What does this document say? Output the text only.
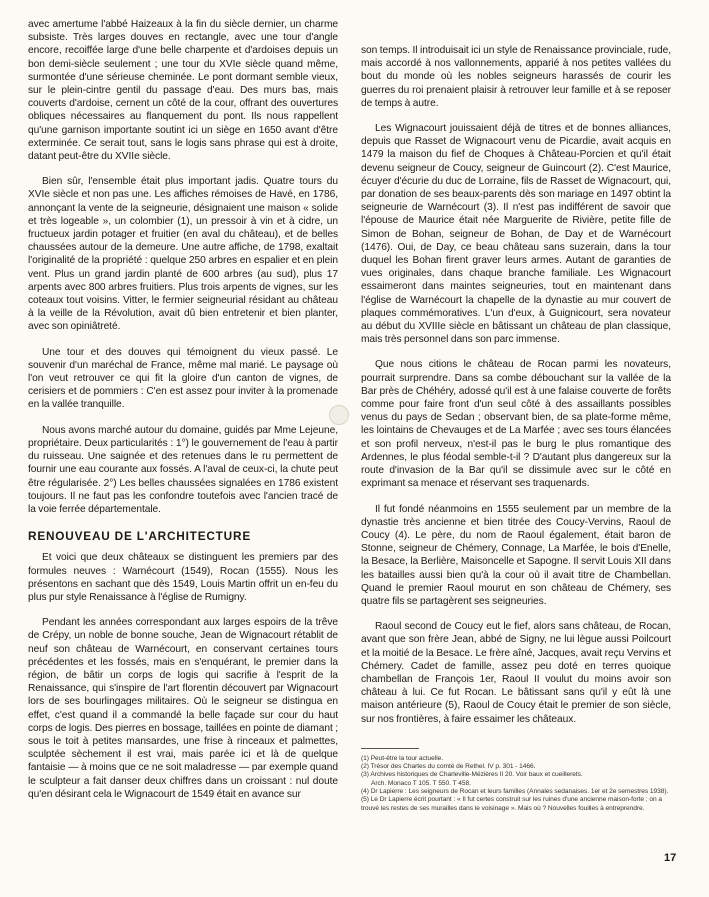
avec amertume l'abbé Haizeaux à la fin du siècle dernier, un charme subsiste. Très larges douves en rectangle, avec une tour d'angle encore, recoiffée large d'une belle charpente et d'ardoises depuis un bon demi-siècle seulement ; une tour du XVIe siècle quand même, surmontée d'une sérieuse cheminée. Le pont dormant semble vieux, sur le plein-cintre gentil du passage d'eau. Des murs bas, mais couverts d'ardoise, cernent un côté de la cour, offrant des ouvertures obliques nécessaires au flanquement du pont. Ils nous rappellent qu'une garnison importante soutint ici un siège en 1650 avant d'être exterminée. Ce serait tout, sans le logis sans phrase qui est à droite, datant peut-être du XVIIe siècle.

Bien sûr, l'ensemble était plus important jadis. Quatre tours du XVIe siècle et non pas une. Les affiches rémoises de Havé, en 1786, annonçant la vente de la seigneurie, désignaient une maison « solide et très logeable », un colombier (1), un pressoir à vin et à cidre, un fructueux jardin potager et fruitier (en aval du château), et de belles chaussées autour de la demeure. Une autre affiche, de 1798, exaltait l'originalité de la propriété : quelque 250 arbres en espalier et en plein vent. Plus un grand jardin planté de 600 arbres (au sud), plus 17 arpents avec 800 arbres fruitiers. Plus trois arpents de vignes, sur les coteaux tout voisins. Vitter, le fermier seigneurial résidant au château à la veille de la Révolution, avait dû bien entretenir et bien planter, avec son opiniâtreté.

Une tour et des douves qui témoignent du vieux passé. Le souvenir d'un maréchal de France, même mal marié. Le paysage où l'on veut retrouver ce qui fit la gloire d'un canton de vignes, de cerisiers et de pommiers : C'en est assez pour inviter à la promenade en la vallée tranquille.

Nous avons marché autour du domaine, guidés par Mme Lejeune, propriétaire. Deux particularités : 1°) le gouvernement de l'eau à partir du ruisseau. Une saignée et des retenues dans le ru permettent de fournir une eau courante aux fossés. A l'aval de ceux-ci, la chute peut être régularisée. 2°) Les belles chaussées signalées en 1786 existent toujours. Il ne faut pas les confondre toutefois avec l'ancien tracé de la voie ferrée départementale.

RENOUVEAU DE L'ARCHITECTURE

Et voici que deux châteaux se distinguent les premiers par des formules neuves : Warnécourt (1549), Rocan (1555). Nous les présentons en sachant que dès 1549, Louis Martin offrit un en-feu du plus pur style Renaissance à l'église de Rumigny.

Pendant les années correspondant aux larges espoirs de la trêve de Crépy, un noble de bonne souche, Jean de Wignacourt rétablit de neuf son château de Warnécourt, en conservant certaines tours précédentes et les fossés, mais en s'enquérant, le premier dans la région, de bâtir un corps de logis qui sacrifie à l'esprit de la Renaissance, qui s'inspire de l'art florentin découvert par Wignacourt lors de ses bourlingages militaires. Où le seigneur se distingua en effet, c'est quand il a commandé la belle façade sur cour du haut corps de logis. Des pierres en bossage, taillées en pointe de diamant ; sous le toit à petites mansardes, une frise à rinceaux et palmettes, sculptée sèchement il est vrai, mais parée ici et là de quelque fantaisie — à moins que ce ne soit maladresse — par exemple quand le sculpteur a fait danser deux chiffres dans un croissant : nul doute qu'en désirant cela le Wignacourt de 1549 était en avance sur

son temps. Il introduisait ici un style de Renaissance provinciale, rude, mais accordé à nos vallonnements, apparié à nos petites vallées du bout du monde où les nobles seigneurs harassés de courir les guerres du roi prenaient plaisir à retrouver leur famille et à se reposer de temps à autre.

Les Wignacourt jouissaient déjà de titres et de bonnes alliances, depuis que Rasset de Wignacourt venu de Picardie, avait acquis en 1479 la maison du fief de Choques à Château-Porcien et qu'il était devenu seigneur de Coucy, seigneur de Guincourt (2). C'est Maurice, écuyer d'écurie du duc de Lorraine, fils de Rasset de Wignacourt, qui, par donation de ses beaux-parents dès son mariage en 1497 obtint la seigneurie de Warnécourt (3). Il n'est pas indifférent de savoir que l'épouse de Maurice était née Marguerite de Rivière, petite fille de Simon de Bohan, seigneur de Bohan, de Day et de Warnécourt (1476). Oui, de Day, ce beau château sans suzerain, dans la tour duquel les Bohan firent graver leurs armes. Autant de garanties de vues originales, dans chaque branche familiale. Les Wignacourt essaimeront dans maintes seigneuries, tout en maintenant dans l'église de Warnécourt la chapelle de la dynastie au mur couvert de plaques commémoratives. L'un d'eux, à Guignicourt, sera novateur au début du XVIIIe siècle en bâtissant un château de plan classique, mais très personnel dans son parc immense.

Que nous citions le château de Rocan parmi les novateurs, pourrait surprendre. Dans sa combe débouchant sur la vallée de la Bar près de Chéhéry, adossé qu'il est à une falaise couverte de forêts comme pour faire front d'un seul côté à des assaillants possibles venus du pays de Sedan ; observant bien, de sa plate-forme même, les lointains de Chevauges et de La Marfée ; avec ses tours élancées et son profil nerveux, n'est-il pas le burg le plus romantique des Ardennes, le plus féodal semble-t-il ? D'autant plus dangereux sur la route d'invasion de la Bar qu'il se dissimule avec sur le côté en exprimant sa menace et réservant ses traquenards.

Il fut fondé néanmoins en 1555 seulement par un membre de la dynastie très ancienne et bien titrée des Coucy-Vervins, Raoul de Coucy (4). Le père, du nom de Raoul également, était baron de Stonne, seigneur de Chémery, Connage, La Marfée, le bois d'Enelle, la Besace, la Berlière, Maisoncelle et Sapogne. Il servit Louis XII dans les batailles aussi bien qu'à la cour où il avait titre de Chambellan. Quand le premier Raoul mourut en son château de Chémery, ses quatre fils se partagèrent ses seigneuries.

Raoul second de Coucy eut le fief, alors sans château, de Rocan, avant que son frère Jean, abbé de Signy, ne lui lègue aussi Poilcourt et la moitié de la Besace. Le frère aîné, Jacques, avait reçu Vervins et Chémery. Cadet de famille, assez peu doté en terres quoique chambellan de François 1er, Raoul II voulut du moins avoir son château à lui. Ce fut Rocan. Le bâtissant sans qu'il y eût là une maison antérieure (5), Raoul de Coucy était le premier de son siècle, sur nos frontières, à faire essaimer les châteaux.

(1) Peut-être la tour actuelle.
(2) Trésor des Chartes du comté de Rethel. IV p. 301 - 1466.
(3) Archives historiques de Charleville-Mézières II 20. Voir baux et cueillerets.
Arch. Monaco T 105. T 550. T 458.
(4) Dr Lapierre : Les seigneurs de Rocan et leurs familles (Annales sedanaises. 1er et 2e semestres 1938).
(5) Le Dr Lapierre écrit pourtant : « Il fut certes construit sur les ruines d'une ancienne maison-forte ; on a trouvé les restes de ses murailles dans le voisinage ». Mais où ? Nouvelles fouilles à entreprendre.
17
